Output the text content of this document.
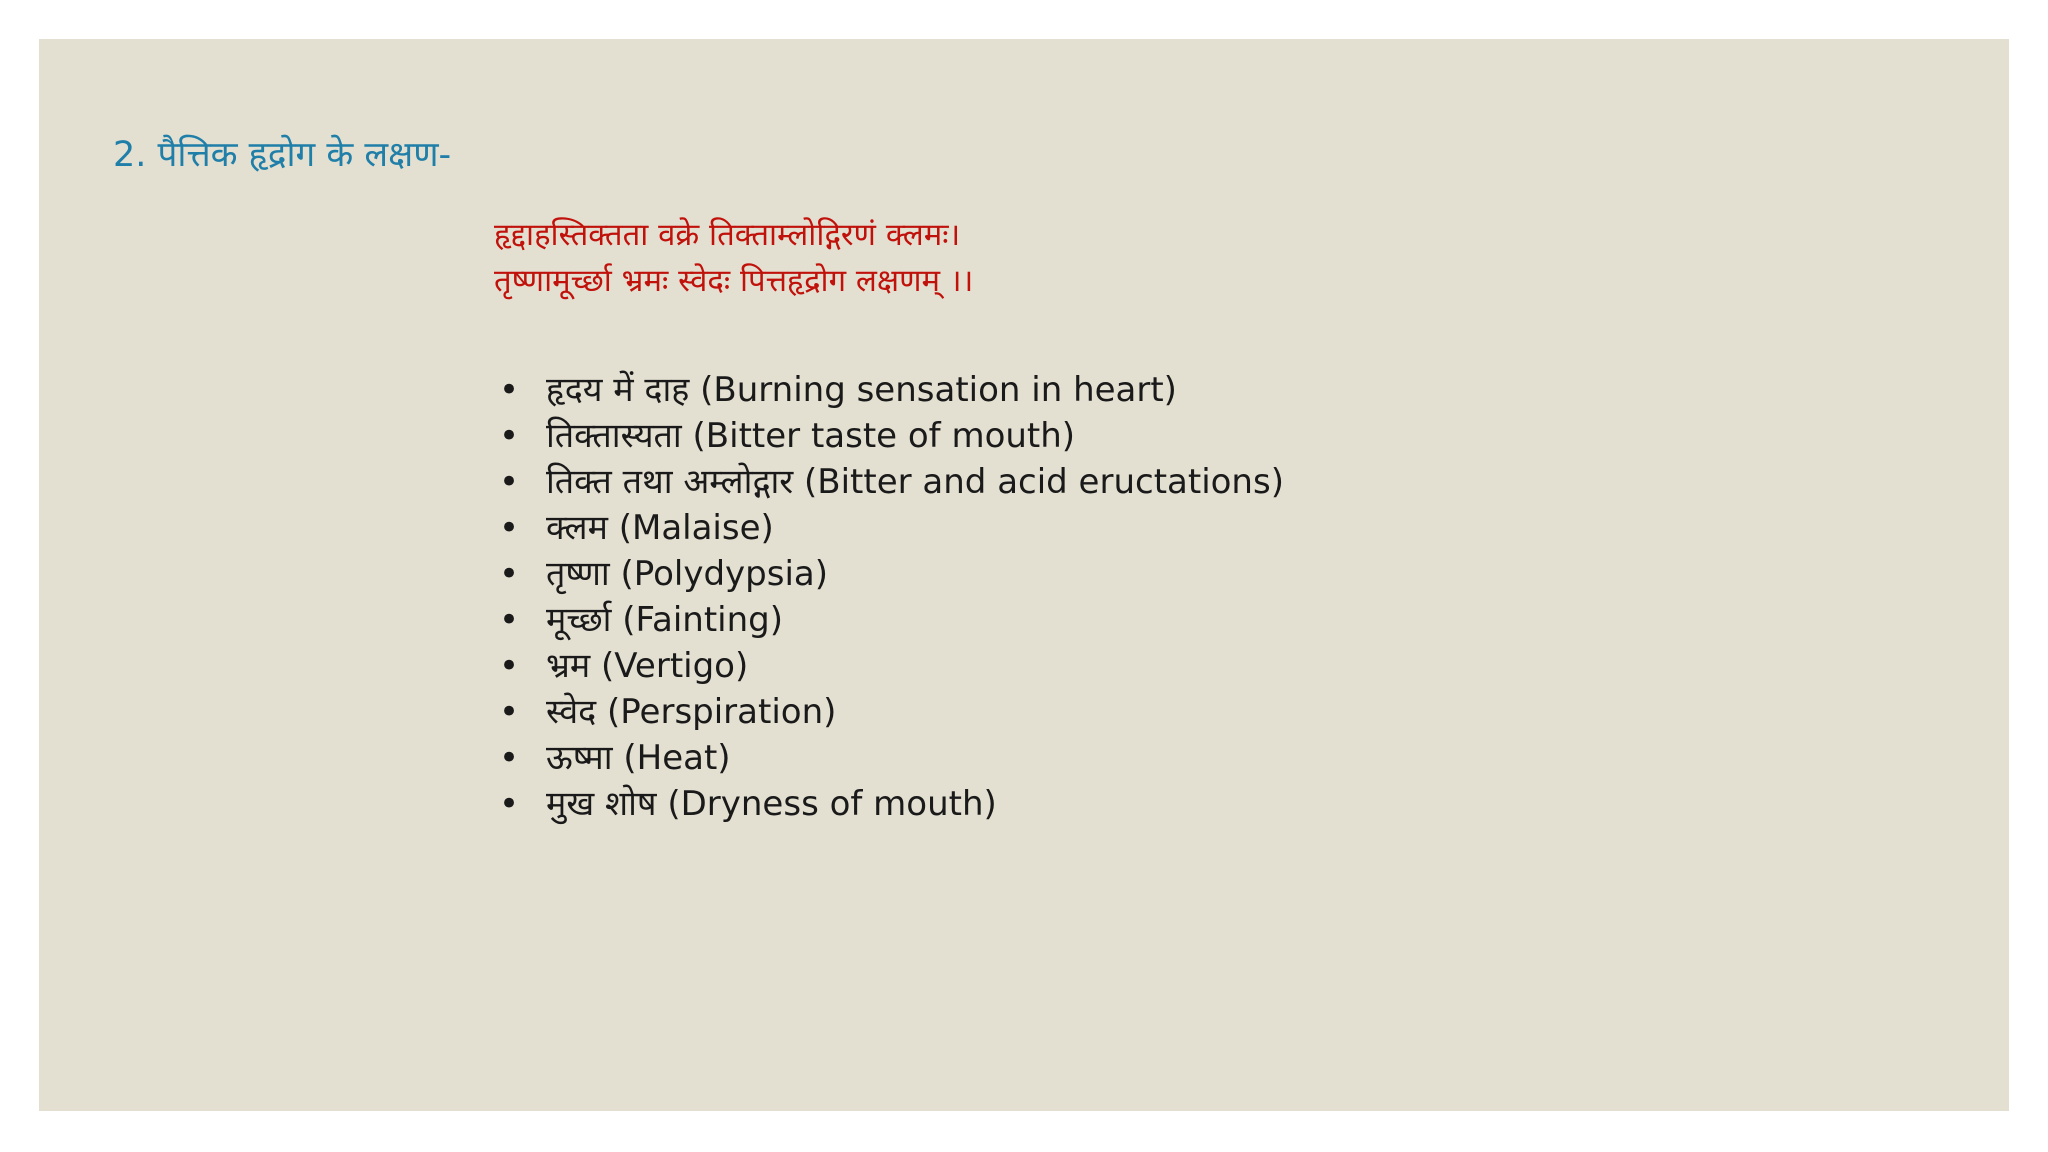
2. पैत्तिक हृद्रोग के लक्षण-
हृद्दाहस्तिक्तता वक्रे तिक्ताम्लोद्गिरणं क्लमः।
तृष्णामूर्च्छा भ्रमः स्वेदः पित्तहृद्रोग लक्षणम् ।।
• हृदय में दाह (Burning sensation in heart)
• तिक्तास्यता (Bitter taste of mouth)
• तिक्त तथा अम्लोद्गार (Bitter and acid eructations)
• क्लम (Malaise)
• तृष्णा (Polydypsia)
• मूर्च्छा (Fainting)
• भ्रम (Vertigo)
• स्वेद (Perspiration)
• ऊष्मा (Heat)
• मुख शोष (Dryness of mouth)
